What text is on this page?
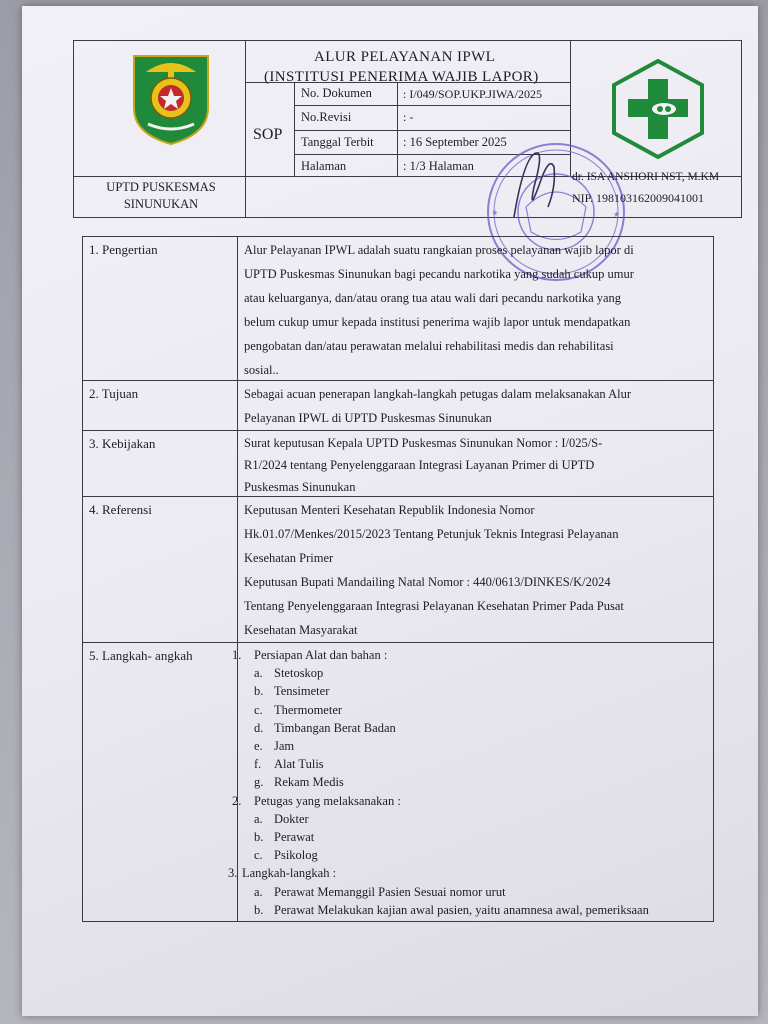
ALUR PELAYANAN IPWL
(INSTITUSI PENERIMA WAJIB LAPOR)
SOP
No. Dokumen	: I/049/SOP.UKP.JIWA/2025
No.Revisi	: -
Tanggal Terbit : 16 September 2025
Halaman	: 1/3 Halaman
UPTD PUSKESMAS
SINUNUKAN
★	★
dr. ISA ANSHORI NST, M.KM
NIP. 198103162009041001
1. Pengertian	Alur Pelayanan IPWL adalah suatu rangkaian proses pelayanan wajib lapor di
UPTD Puskesmas Sinunukan bagi pecandu narkotika yang sudah cukup umur
atau keluarganya, dan/atau orang tua atau wali dari pecandu narkotika yang
belum cukup umur kepada institusi penerima wajib lapor untuk mendapatkan
pengobatan dan/atau perawatan melalui rehabilitasi medis dan rehabilitasi
sosial..
2. Tujuan	Sebagai acuan penerapan langkah-langkah petugas dalam melaksanakan Alur
Pelayanan IPWL di UPTD Puskesmas Sinunukan
3. Kebijakan	Surat keputusan Kepala UPTD Puskesmas Sinunukan Nomor : I/025/S-
R1/2024 tentang Penyelenggaraan Integrasi Layanan Primer di UPTD
Puskesmas Sinunukan
4. Referensi	Keputusan Menteri Kesehatan Republik Indonesia Nomor
Hk.01.07/Menkes/2015/2023 Tentang Petunjuk Teknis Integrasi Pelayanan
Kesehatan Primer
Keputusan Bupati Mandailing Natal Nomor : 440/0613/DINKES/K/2024
Tentang Penyelenggaraan Integrasi Pelayanan Kesehatan Primer Pada Pusat
Kesehatan Masyarakat
5. Langkah- angkah	1. Persiapan Alat dan bahan :
a. Stetoskop
b. Tensimeter
c. Thermometer
d. Timbangan Berat Badan
e. Jam
f. Alat Tulis
g. Rekam Medis
2. Petugas yang melaksanakan :
a. Dokter
b. Perawat
c. Psikolog
3. Langkah-langkah :
a. Perawat Memanggil Pasien Sesuai nomor urut
b. Perawat Melakukan kajian awal pasien, yaitu anamnesa awal, pemeriksaan
